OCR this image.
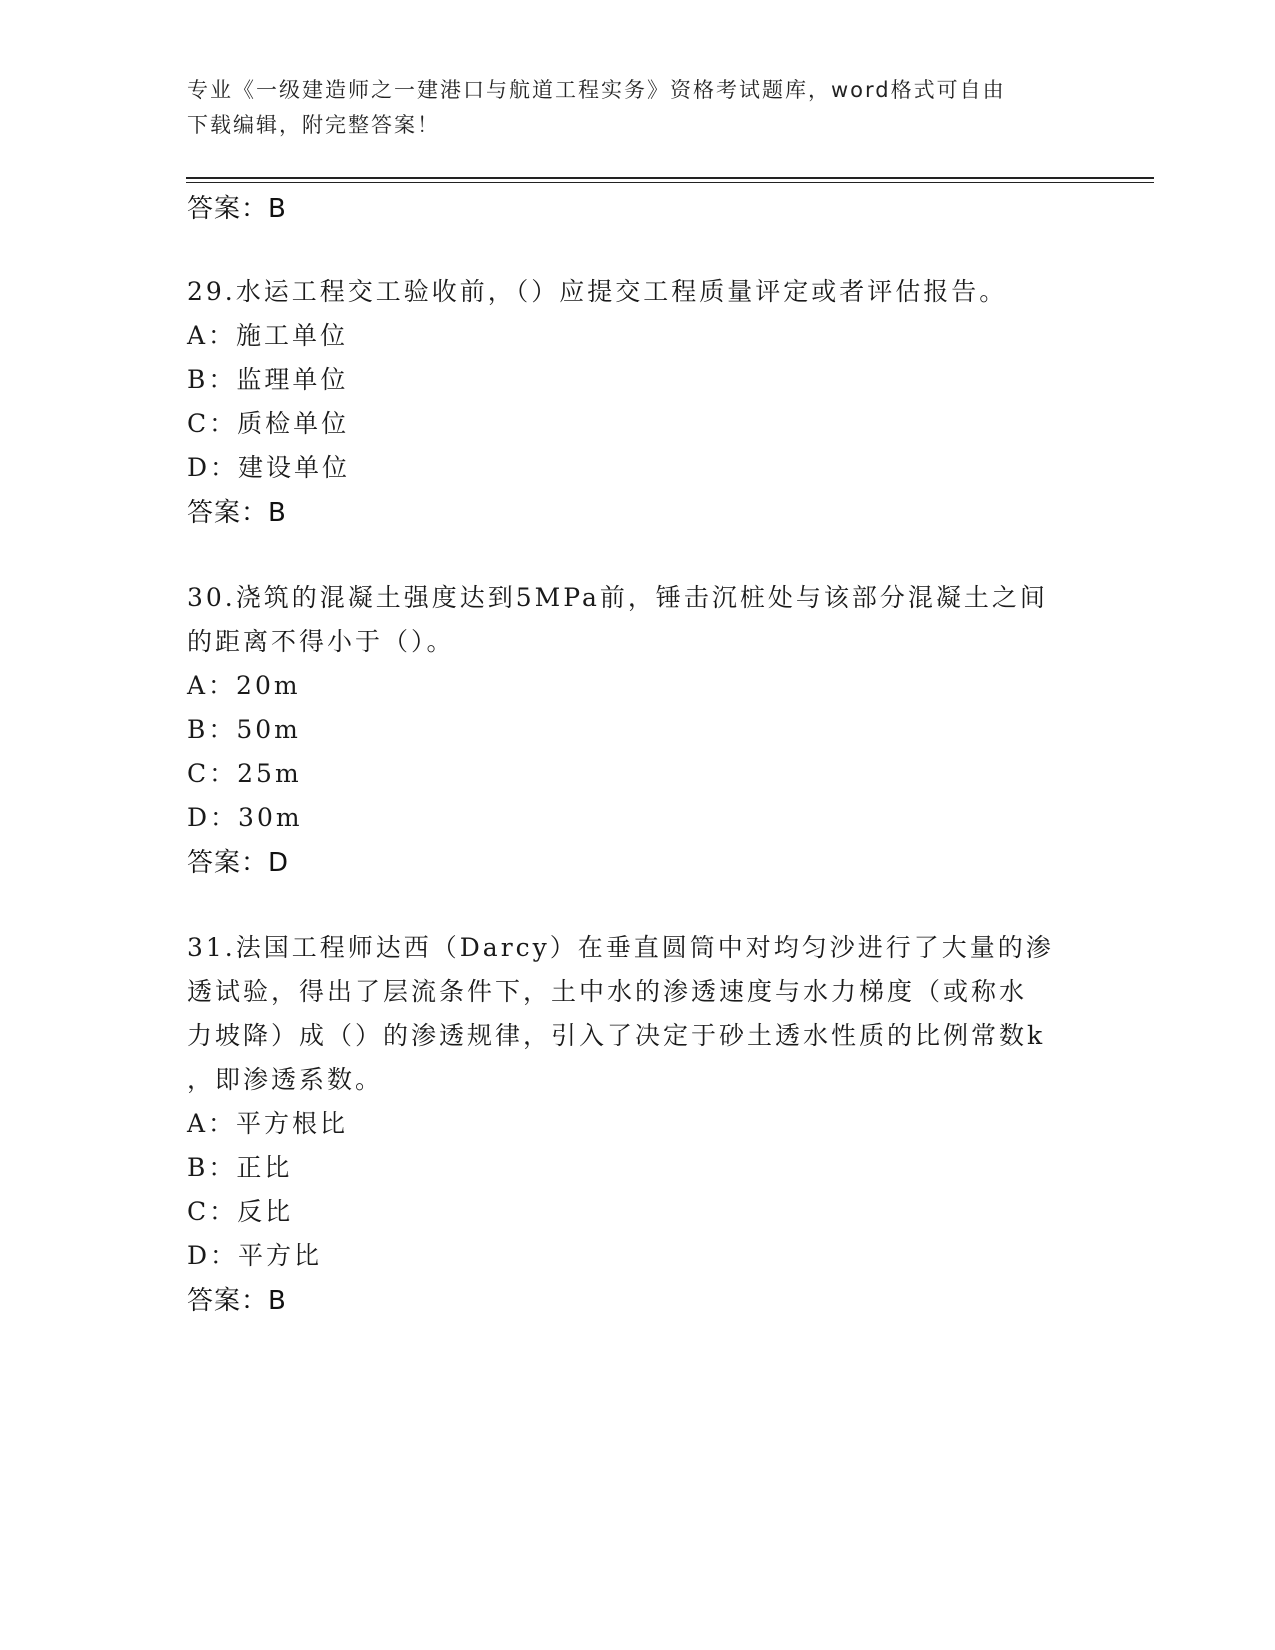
专业《一级建造师之一建港口与航道工程实务》资格考试题库，word格式可自由
下载编辑，附完整答案！
答案：B
29.水运工程交工验收前，（）应提交工程质量评定或者评估报告。
A：施工单位
B：监理单位
C：质检单位
D：建设单位
答案：B
30.浇筑的混凝土强度达到5MPa前，锤击沉桩处与该部分混凝土之间
的距离不得小于（）。
A：20m
B：50m
C：25m
D：30m
答案：D
31.法国工程师达西（Darcy）在垂直圆筒中对均匀沙进行了大量的渗
透试验，得出了层流条件下，土中水的渗透速度与水力梯度（或称水
力坡降）成（）的渗透规律，引入了决定于砂土透水性质的比例常数k
，即渗透系数。
A：平方根比
B：正比
C：反比
D：平方比
答案：B
